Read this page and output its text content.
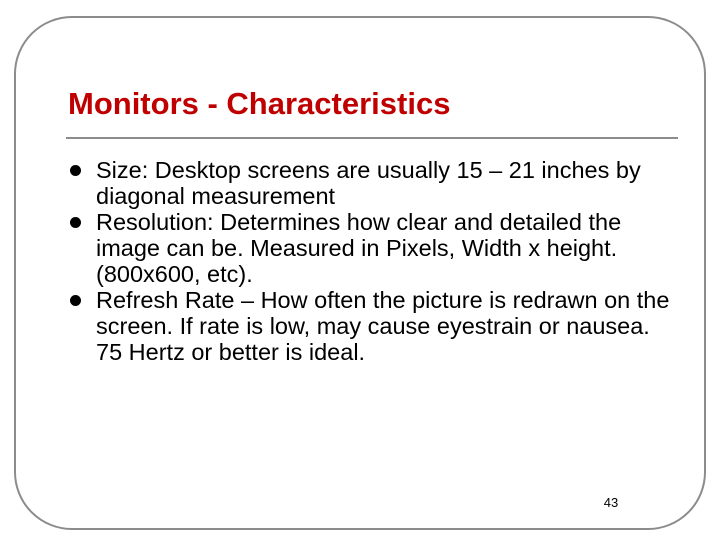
Monitors - Characteristics
Size: Desktop screens are usually 15 – 21 inches by diagonal measurement
Resolution: Determines how clear and detailed the image can be. Measured in Pixels, Width x height. (800x600, etc).
Refresh Rate – How often the picture is redrawn on the screen. If rate is low, may cause eyestrain or nausea. 75 Hertz or better is ideal.
43
